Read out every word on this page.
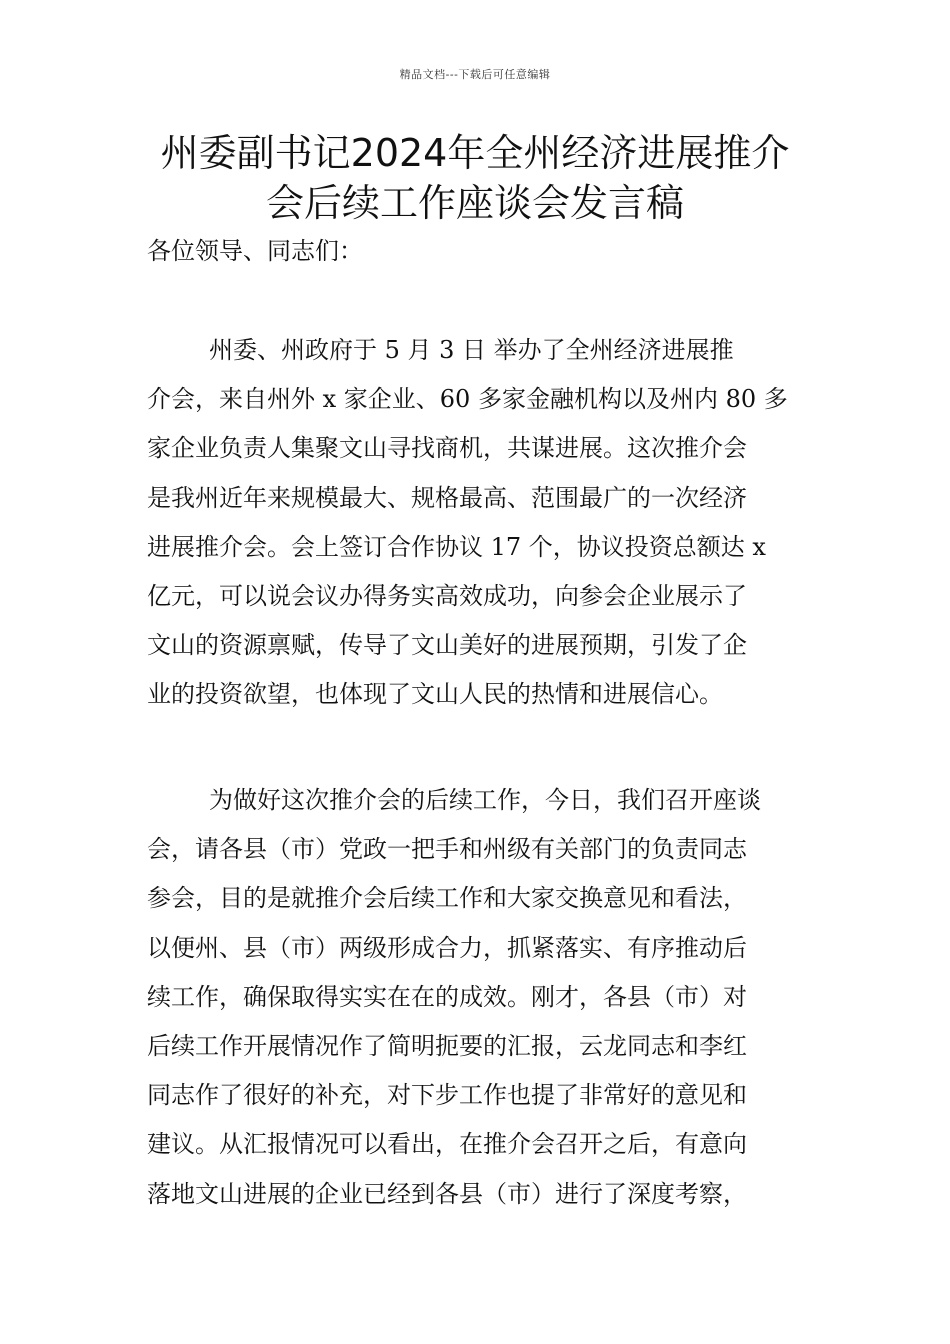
精品文档---下载后可任意编辑
州委副书记2024年全州经济进展推介
会后续工作座谈会发言稿

各位领导、同志们：

州委、州政府于 5 月 3 日 举办了全州经济进展推
介会，来自州外 x 家企业、60 多家金融机构以及州内 80 多
家企业负责人集聚文山寻找商机，共谋进展。这次推介会
是我州近年来规模最大、规格最高、范围最广的一次经济
进展推介会。会上签订合作协议 17 个，协议投资总额达 x
亿元，可以说会议办得务实高效成功，向参会企业展示了
文山的资源禀赋，传导了文山美好的进展预期，引发了企
业的投资欲望，也体现了文山人民的热情和进展信心。
为做好这次推介会的后续工作，今日，我们召开座谈
会，请各县（市）党政一把手和州级有关部门的负责同志
参会，目的是就推介会后续工作和大家交换意见和看法，
以便州、县（市）两级形成合力，抓紧落实、有序推动后
续工作，确保取得实实在在的成效。刚才，各县（市）对
后续工作开展情况作了简明扼要的汇报，云龙同志和李红
同志作了很好的补充，对下步工作也提了非常好的意见和
建议。从汇报情况可以看出，在推介会召开之后，有意向
落地文山进展的企业已经到各县（市）进行了深度考察，
